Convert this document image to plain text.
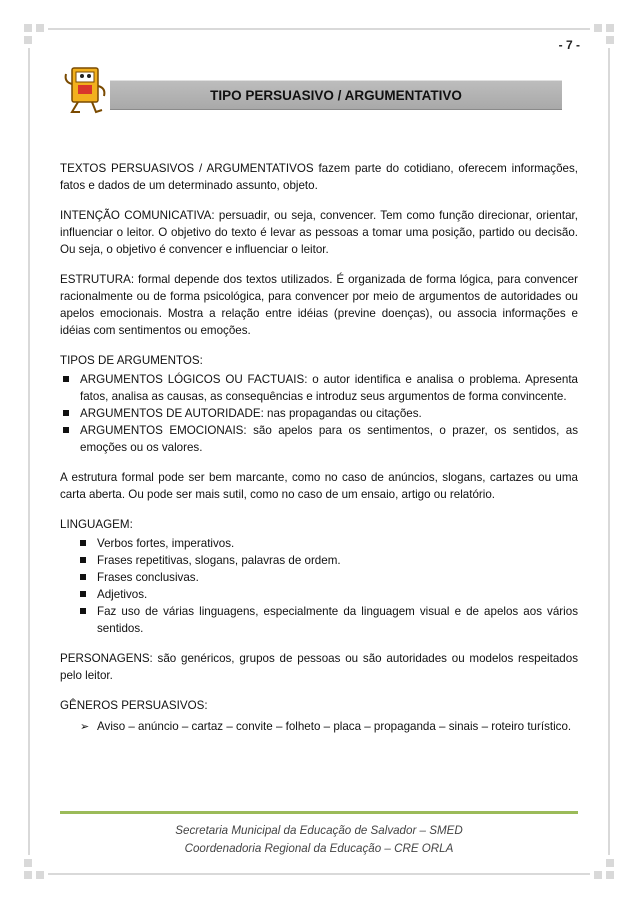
- 7 -
TIPO PERSUASIVO / ARGUMENTATIVO

TEXTOS PERSUASIVOS / ARGUMENTATIVOS fazem parte do cotidiano, oferecem informações, fatos e dados de um determinado assunto, objeto.

INTENÇÃO COMUNICATIVA: persuadir, ou seja, convencer. Tem como função direcionar, orientar, influenciar o leitor. O objetivo do texto é levar as pessoas a tomar uma posição, partido ou decisão. Ou seja, o objetivo é convencer e influenciar o leitor.

ESTRUTURA: formal depende dos textos utilizados. É organizada de forma lógica, para convencer racionalmente ou de forma psicológica, para convencer por meio de argumentos de autoridades ou apelos emocionais. Mostra a relação entre idéias (previne doenças), ou associa informações e idéias com sentimentos ou emoções.

TIPOS DE ARGUMENTOS:

ARGUMENTOS LÓGICOS OU FACTUAIS: o autor identifica e analisa o problema. Apresenta fatos, analisa as causas, as consequências e introduz seus argumentos de forma convincente.
ARGUMENTOS DE AUTORIDADE: nas propagandas ou citações.
ARGUMENTOS EMOCIONAIS: são apelos para os sentimentos, o prazer, os sentidos, as emoções ou os valores.

A estrutura formal pode ser bem marcante, como no caso de anúncios, slogans, cartazes ou uma carta aberta. Ou pode ser mais sutil, como no caso de um ensaio, artigo ou relatório.

LINGUAGEM:

Verbos fortes, imperativos.
Frases repetitivas, slogans, palavras de ordem.
Frases conclusivas.
Adjetivos.
Faz uso de várias linguagens, especialmente da linguagem visual e de apelos aos vários sentidos.

PERSONAGENS: são genéricos, grupos de pessoas ou são autoridades ou modelos respeitados pelo leitor.

GÊNEROS PERSUASIVOS:

➢ Aviso – anúncio – cartaz – convite – folheto – placa – propaganda – sinais – roteiro turístico.
Secretaria Municipal da Educação de Salvador – SMED
Coordenadoria Regional da Educação – CRE ORLA
